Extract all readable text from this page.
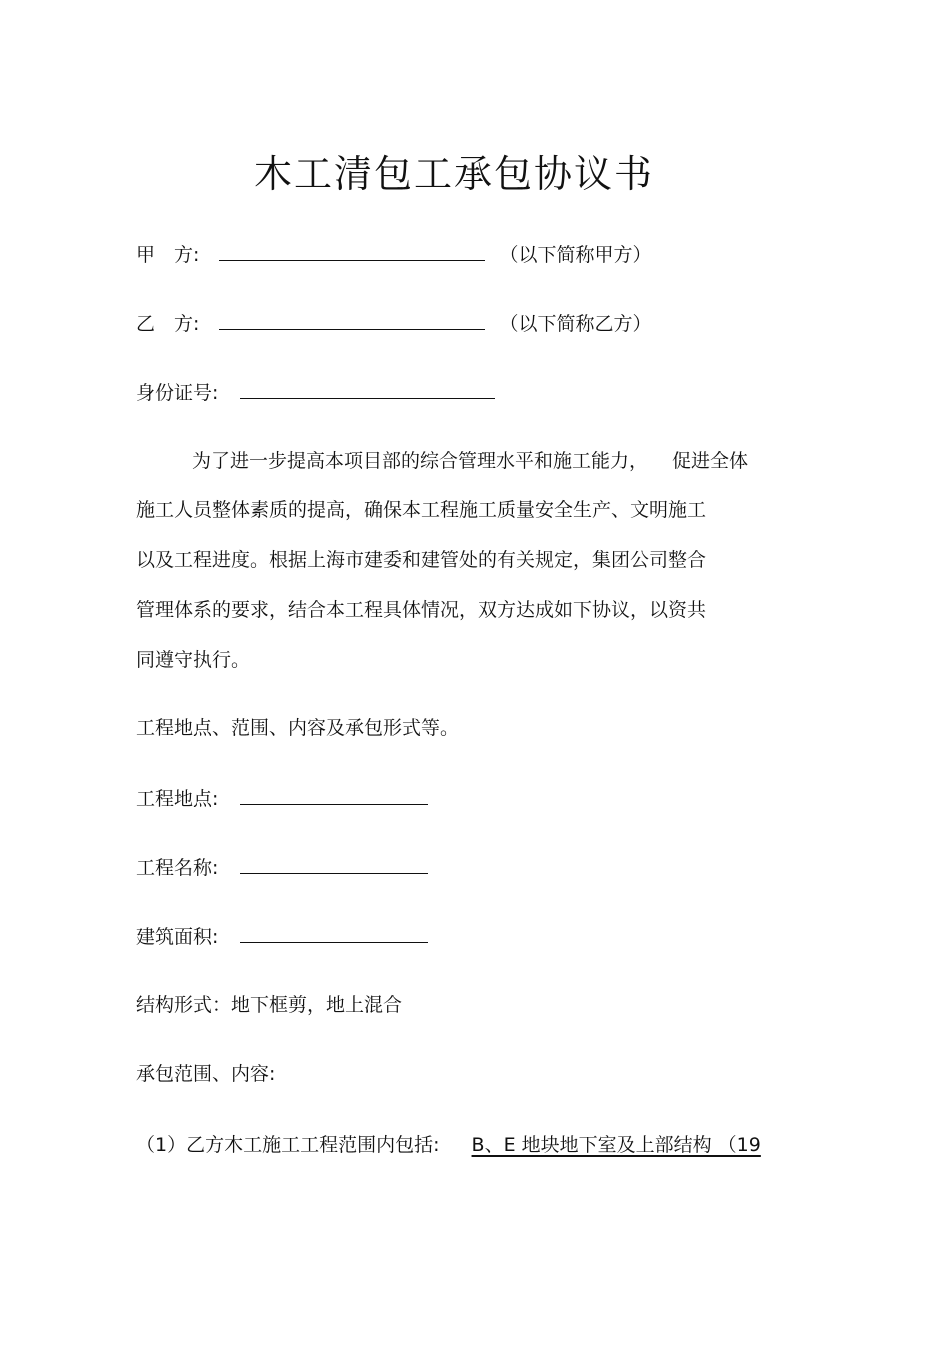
木工清包工承包协议书
甲　方:	（以下简称甲方）
乙　方:	（以下简称乙方）
身份证号:
为了进一步提高本项目部的综合管理水平和施工能力， 促进全体
施工人员整体素质的提高，确保本工程施工质量安全生产、文明施工
以及工程进度。根据上海市建委和建管处的有关规定，集团公司整合
管理体系的要求，结合本工程具体情况，双方达成如下协议，以资共
同遵守执行。
工程地点、范围、内容及承包形式等。
工程地点:
工程名称:
建筑面积:
结构形式：地下框剪，地上混合
承包范围、内容:
（1）乙方木工施工工程范围内包括: B、E 地块地下室及上部结构 （19
